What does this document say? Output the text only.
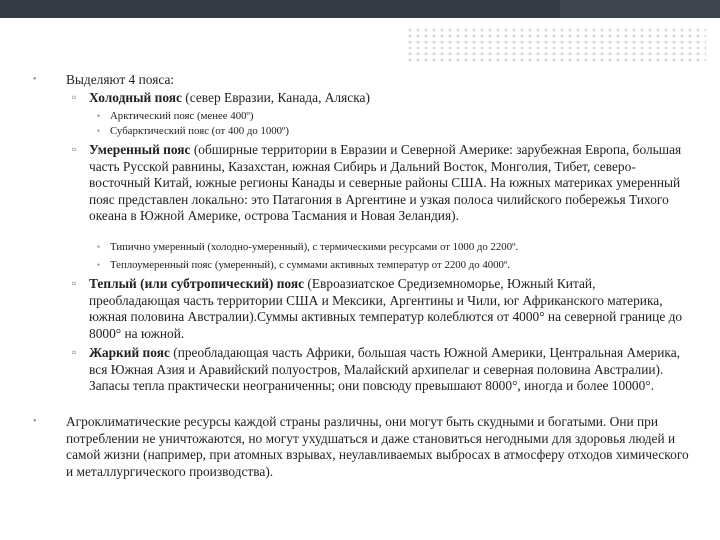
• Выделяют 4 пояса:
▫ Холодный пояс (север Евразии, Канада, Аляска)
• Арктический пояс (менее 400º)
• Субарктический пояс (от 400 до 1000º)
▫ Умеренный пояс (обширные территории в Евразии и Северной Америке: зарубежная Европа, большая часть Русской равнины, Казахстан, южная Сибирь и Дальний Восток, Монголия, Тибет, северо-восточный Китай, южные регионы Канады и северные районы США. На южных материках умеренный пояс представлен локально: это Патагония в Аргентине и узкая полоса чилийского побережья Тихого океана в Южной Америке, острова Тасмания и Новая Зеландия).
• Типично умеренный (холодно-умеренный), с термическими ресурсами от 1000 до 2200º.
• Теплоумеренный пояс (умеренный), с суммами активных температур от 2200 до 4000º.
▫ Теплый (или субтропический) пояс (Евроазиатское Средиземноморье, Южный Китай, преобладающая часть территории США и Мексики, Аргентины и Чили, юг Африканского материка, южная половина Австралии).Суммы активных температур колеблются от 4000° на северной границе до 8000° на южной.
▫ Жаркий пояс (преобладающая часть Африки, большая часть Южной Америки, Центральная Америка, вся Южная Азия и Аравийский полуостров, Малайский архипелаг и северная половина Австралии). Запасы тепла практически неограниченны; они повсюду превышают 8000°, иногда и более 10000°.
• Агроклиматические ресурсы каждой страны различны, они могут быть скудными и богатыми. Они при потреблении не уничтожаются, но могут ухудшаться и даже становиться негодными для здоровья людей и самой жизни (например, при атомных взрывах, неулавливаемых выбросах в атмосферу отходов химического и металлургического производства).
